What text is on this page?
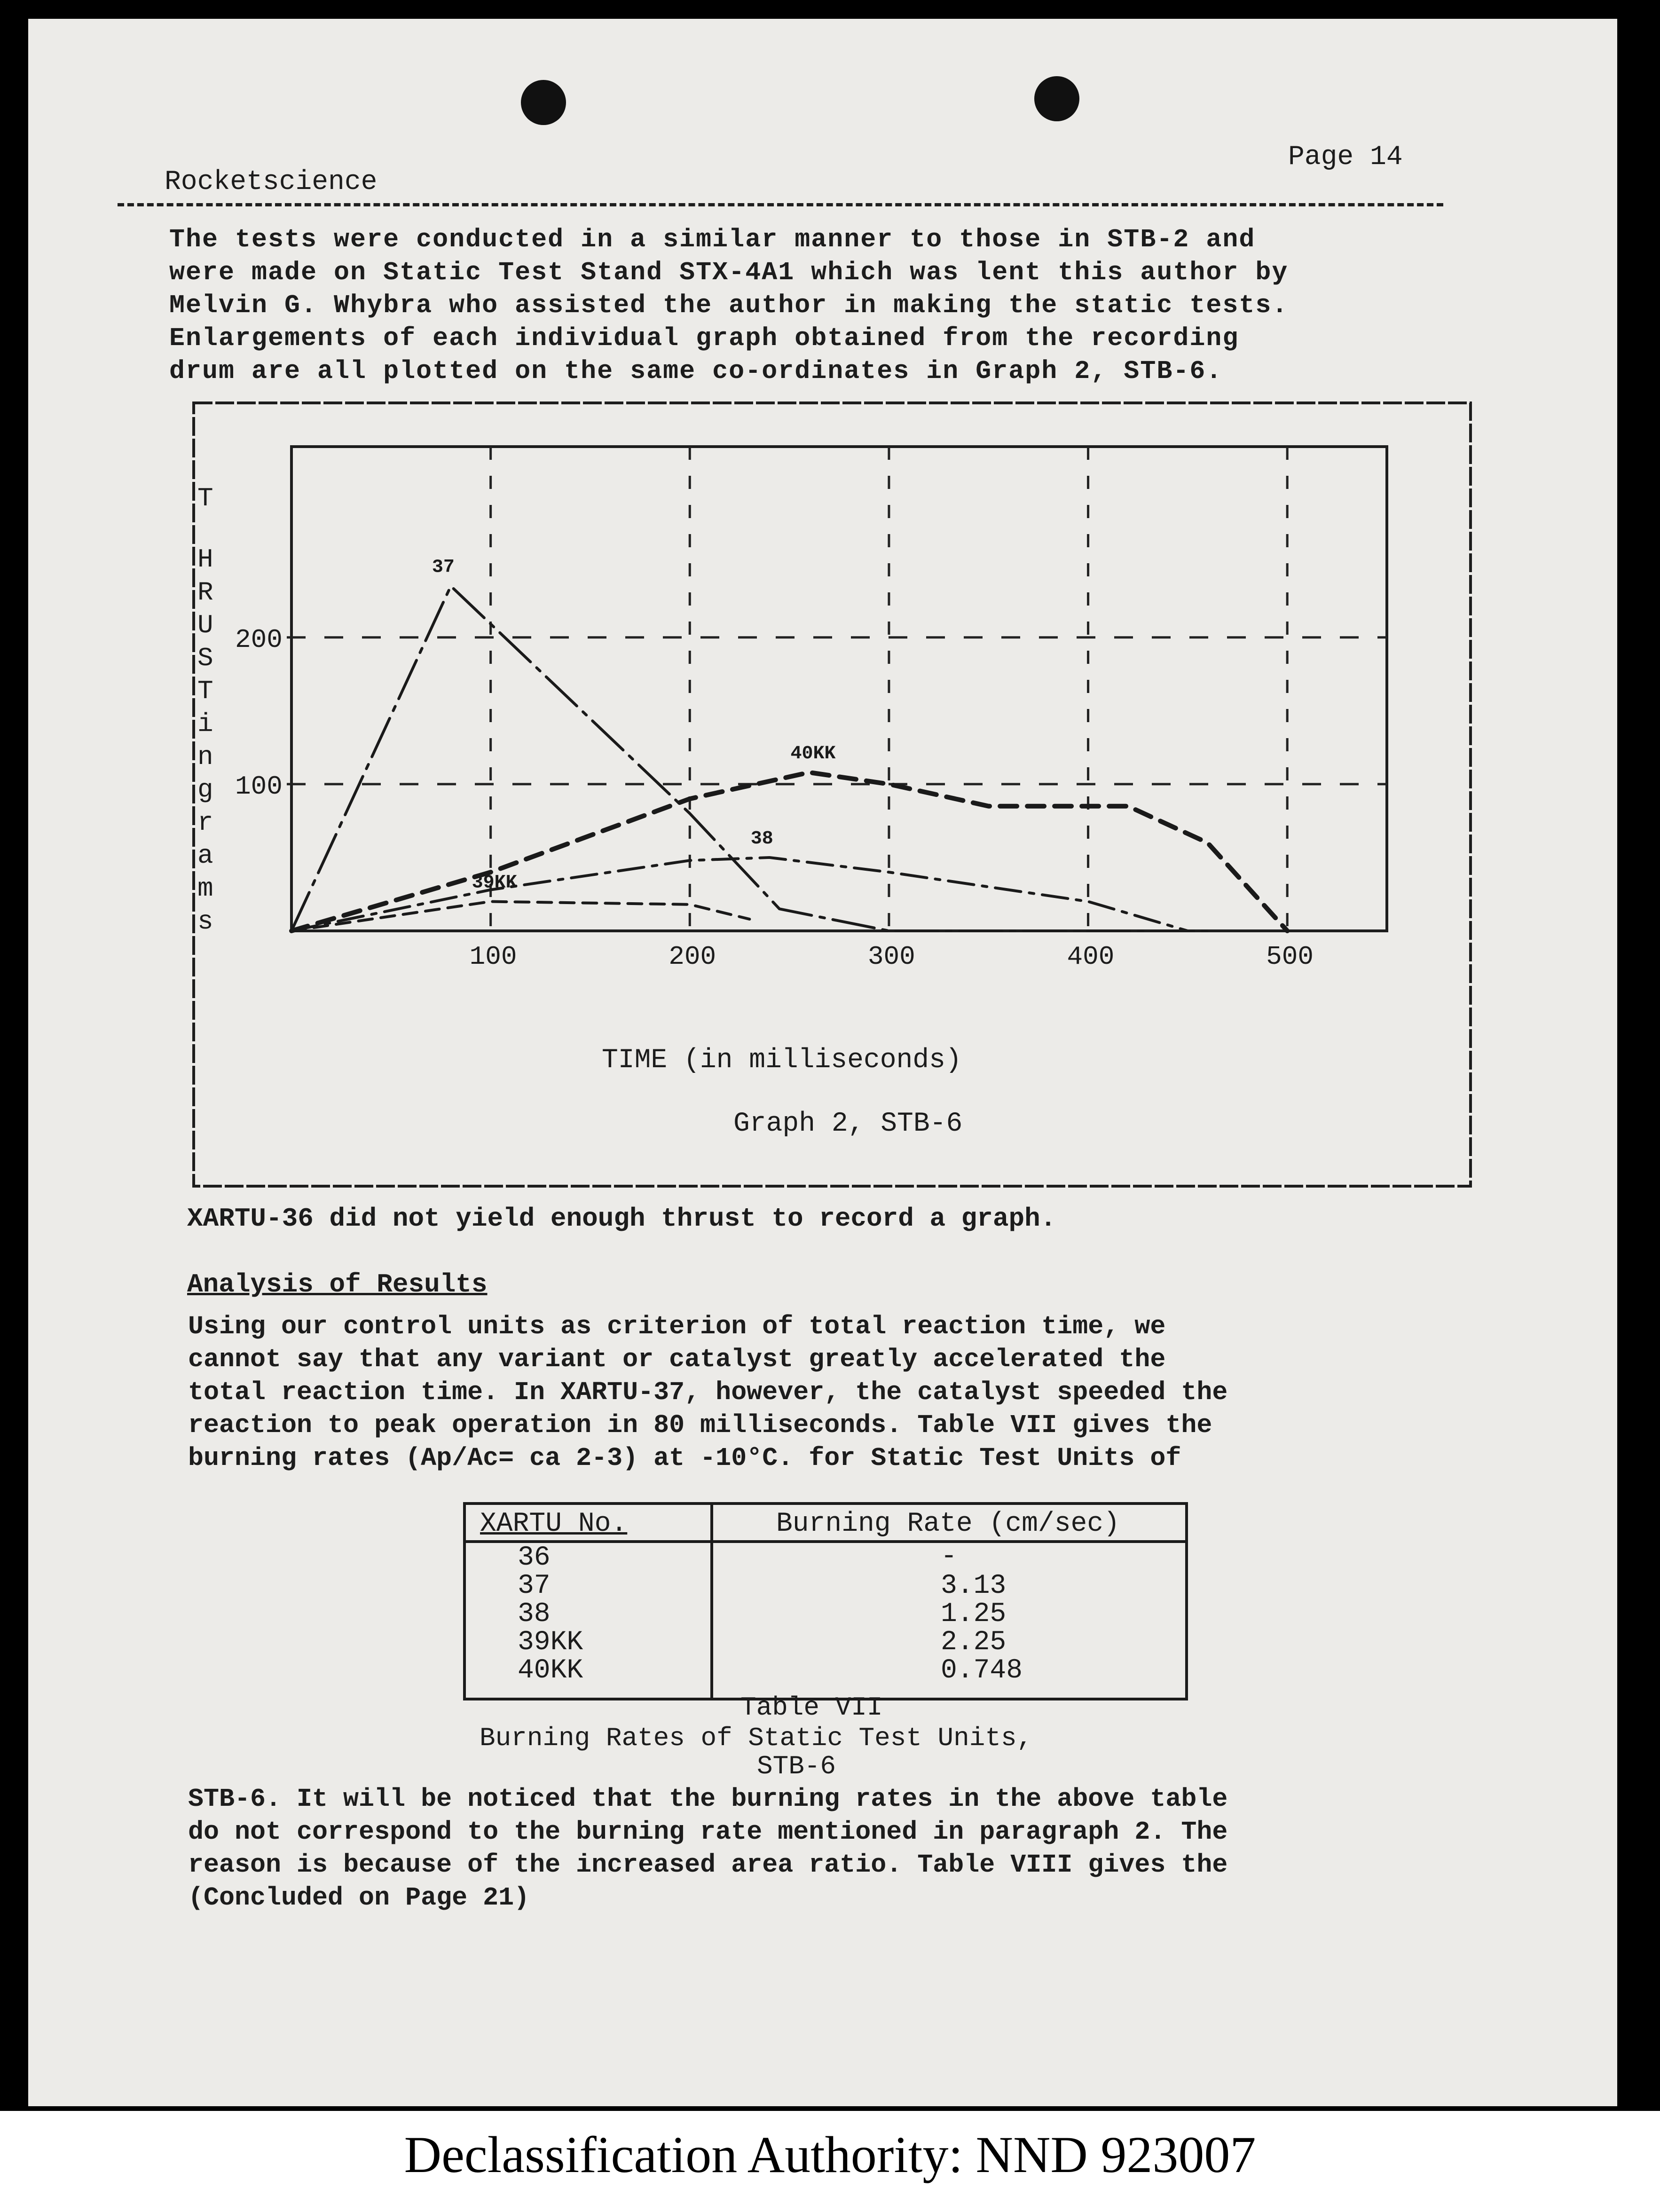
Rocketscience
Page 14
The tests were conducted in a similar manner to those in STB-2 and
were made on Static Test Stand STX-4A1 which was lent this author by
Melvin G. Whybra who assisted the author in making the static tests.
Enlargements of each individual graph obtained from the recording
drum are all plotted on the same co-ordinates in Graph 2, STB-6.
100	200	300	400	500
100
200
T
H
R
U
S
T
i
n
g
r
a
m
s
37
40KK
38
39KK
Graph 2, STB-6
TIME (in milliseconds)
XARTU-36 did not yield enough thrust to record a graph.
Analysis of Results
Using our control units as criterion of total reaction time, we
cannot say that any variant or catalyst greatly accelerated the
total reaction time. In XARTU-37, however, the catalyst speeded the
reaction to peak operation in 80 milliseconds. Table VII gives the
burning rates (Ap/Ac= ca 2-3) at -10°C. for Static Test Units of
XARTU No.	Burning Rate (cm/sec)
36	-
37	3.13
38	1.25
39KK	2.25
40KK	0.748
Table VII
Burning Rates of Static Test Units,
STB-6
STB-6. It will be noticed that the burning rates in the above table
do not correspond to the burning rate mentioned in paragraph 2. The
reason is because of the increased area ratio. Table VIII gives the
(Concluded on Page 21)
Declassification Authority: NND 923007
